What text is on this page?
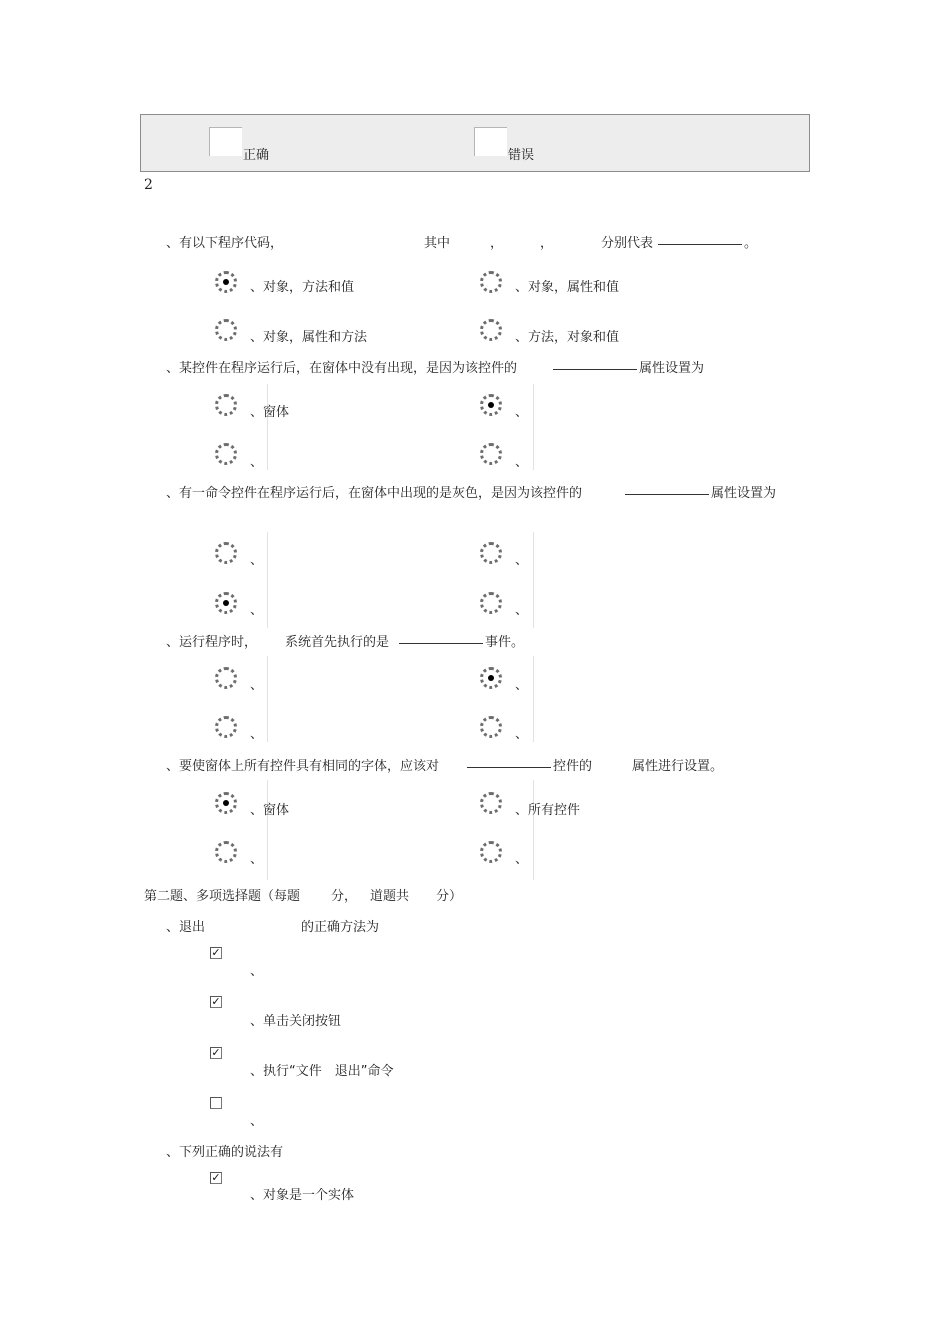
正确	错误
2
、有以下程序代码，	其中	，	，	分别代表	。
、对象，方法和值	、对象，属性和值
、对象，属性和方法	、方法，对象和值
、某控件在程序运行后，在窗体中没有出现，是因为该控件的	属性设置为
、窗体	、
、	、
、有一命令控件在程序运行后，在窗体中出现的是灰色，是因为该控件的	属性设置为
、	、
、	、
、运行程序时， 系统首先执行的是	事件。
、	、
、	、
、要使窗体上所有控件具有相同的字体，应该对	控件的	属性进行设置。
、窗体	、所有控件
、	、
第二题、多项选择题（每题 分， 道题共 分）
、退出	的正确方法为
✓
、
✓
、单击关闭按钮
✓
、执行“文件　退出”命令
、
、下列正确的说法有
✓
、对象是一个实体
